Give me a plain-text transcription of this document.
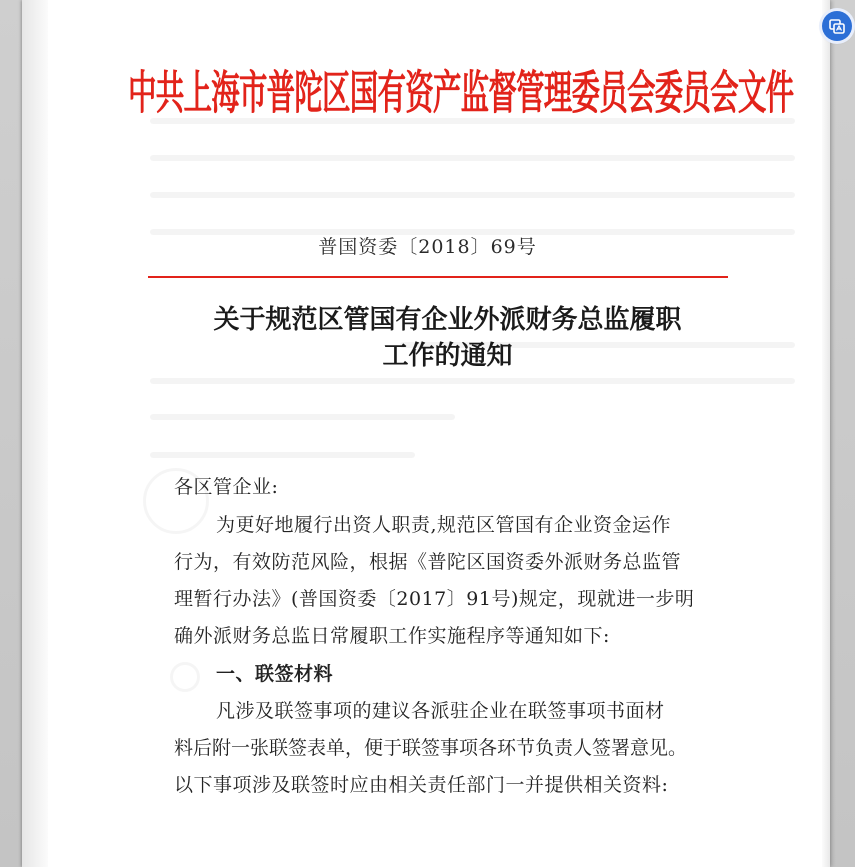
中共上海市普陀区国有资产监督管理委员会委员会文件
普国资委〔2018〕69号
关于规范区管国有企业外派财务总监履职
工作的通知
各区管企业:
为更好地履行出资人职责,规范区管国有企业资金运作
行为，有效防范风险，根据《普陀区国资委外派财务总监管
理暂行办法》(普国资委〔2017〕91号)规定，现就进一步明
确外派财务总监日常履职工作实施程序等通知如下:
一、联签材料
凡涉及联签事项的建议各派驻企业在联签事项书面材
料后附一张联签表单，便于联签事项各环节负责人签署意见。
以下事项涉及联签时应由相关责任部门一并提供相关资料:
